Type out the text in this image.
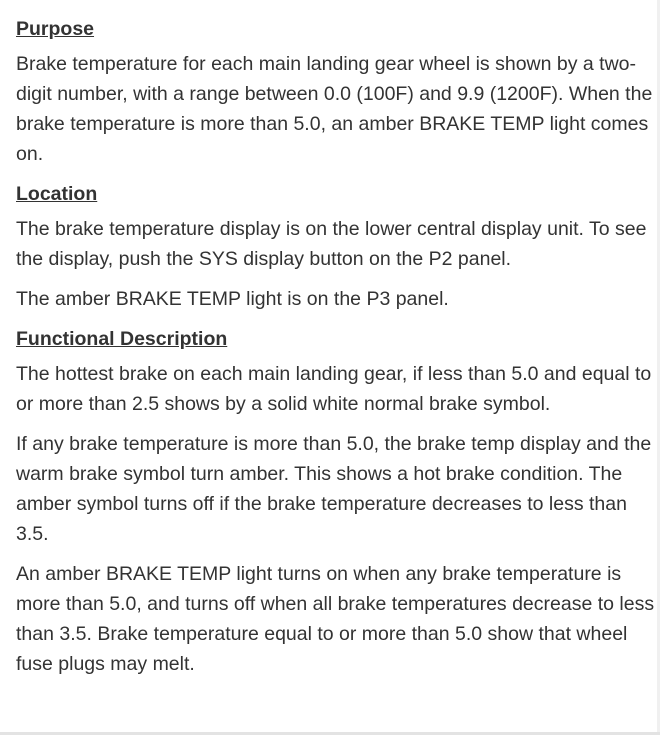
Purpose

Brake temperature for each main landing gear wheel is shown by a two-digit number, with a range between 0.0 (100F) and 9.9 (1200F). When the brake temperature is more than 5.0, an amber BRAKE TEMP light comes on.

Location

The brake temperature display is on the lower central display unit. To see the display, push the SYS display button on the P2 panel.

The amber BRAKE TEMP light is on the P3 panel.

Functional Description

The hottest brake on each main landing gear, if less than 5.0 and equal to or more than 2.5 shows by a solid white normal brake symbol.

If any brake temperature is more than 5.0, the brake temp display and the warm brake symbol turn amber. This shows a hot brake condition. The amber symbol turns off if the brake temperature decreases to less than 3.5.

An amber BRAKE TEMP light turns on when any brake temperature is more than 5.0, and turns off when all brake temperatures decrease to less than 3.5. Brake temperature equal to or more than 5.0 show that wheel fuse plugs may melt.
